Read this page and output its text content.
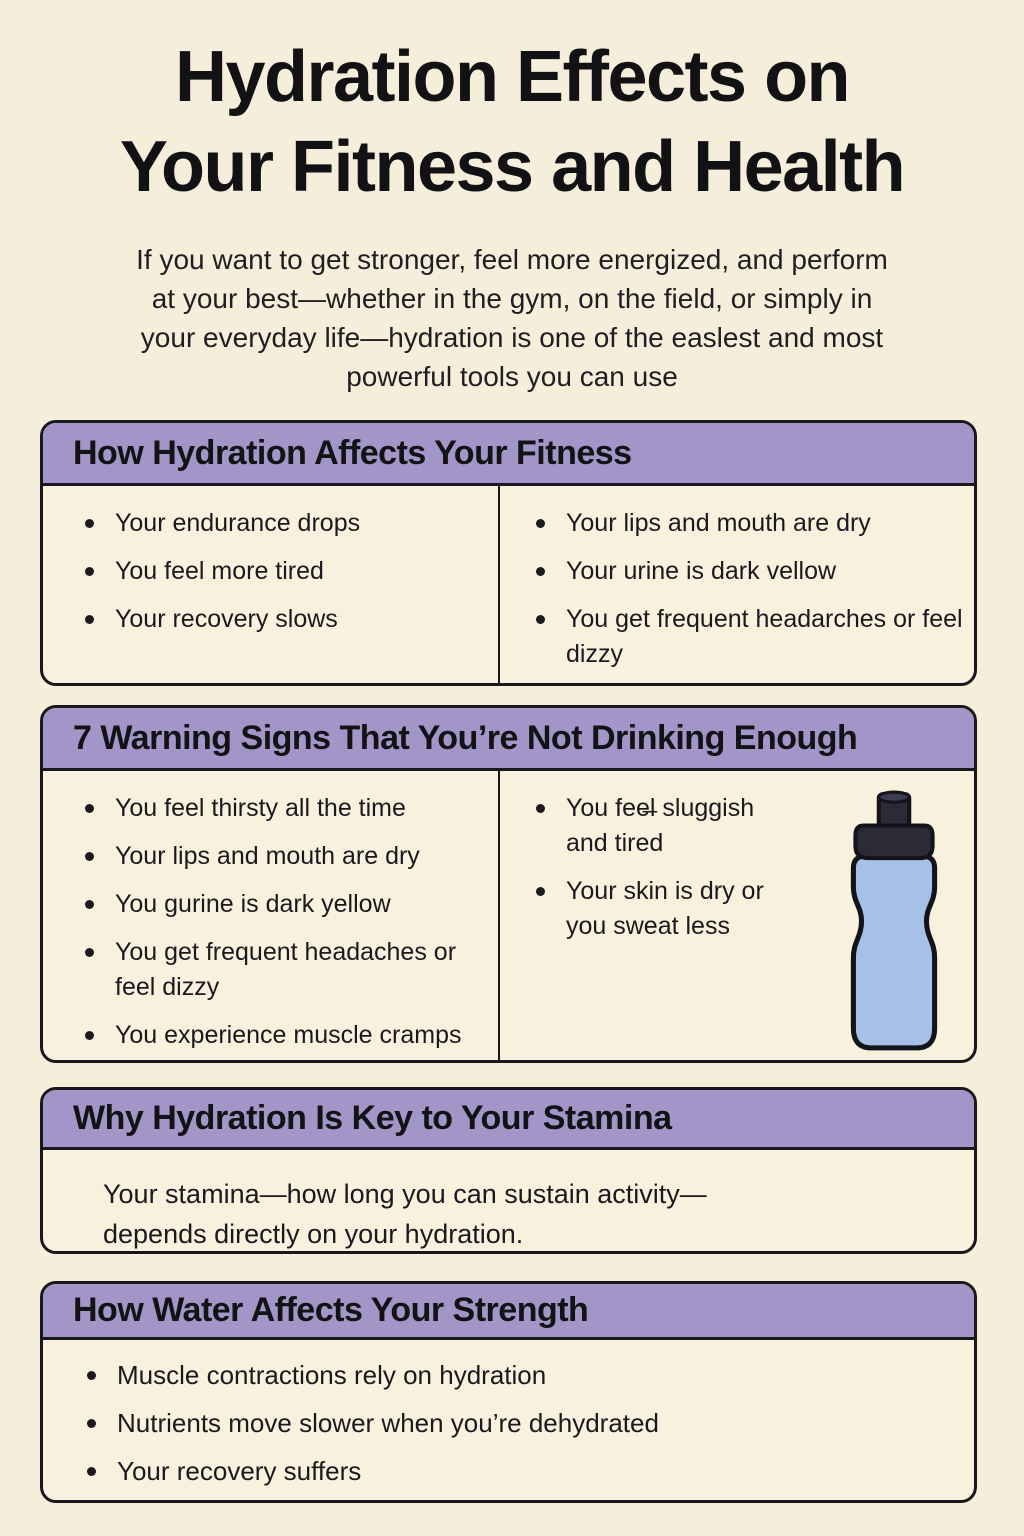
Hydration Effects on
Your Fitness and Health
If you want to get stronger, feel more energized, and perform
at your best—whether in the gym, on the field, or simply in
your everyday life—hydration is one of the easlest and most
powerful tools you can use
How Hydration Affects Your Fitness
Your endurance drops
You feel more tired
Your recovery slows
Your lips and mouth are dry
Your urine is dark vellow
You get frequent headarches or feel dizzy
7 Warning Signs That You’re Not Drinking Enough
You feel thirsty all the time
Your lips and mouth are dry
You gurine is dark yellow
You get frequent headaches or feel dizzy
You experience muscle cramps
You fee̶l sluggish and tired
Your skin is dry or you sweat less
Why Hydration Is Key to Your Stamina
Your stamina—how long you can sustain activity—
depends directly on your hydration.
How Water Affects Your Strength
Muscle contractions rely on hydration
Nutrients move slower when you’re dehydrated
Your recovery suffers
